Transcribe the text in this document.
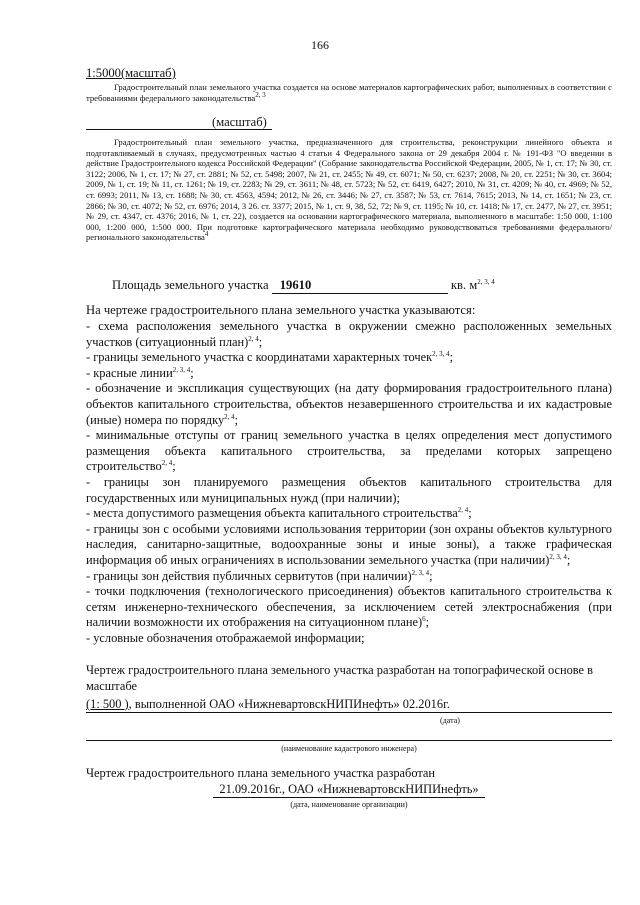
166
1:5000(масштаб)
Градостроительный план земельного участка создается на основе материалов картографических работ, выполненных в соответствии с требованиями федерального законодательства$^{2, 3}$
(масштаб)
Градостроительный план земельного участка, предназначенного для строительства, реконструкции линейного объекта и подготавливаемый в случаях, предусмотренных частью 4 статьи 4 Федерального закона от 29 декабря 2004 г. № 191-ФЗ "О введении в действие Градостроительного кодекса Российской Федерации" (Собрание законодательства Российской Федерации, 2005, № 1, ст. 17; № 30, ст. 3122; 2006, № 1, ст. 17; № 27, ст. 2881; № 52, ст. 5498; 2007, № 21, ст. 2455; № 49, ст. 6071; № 50, ст. 6237; 2008, № 20, ст. 2251; № 30, ст. 3604; 2009, № 1, ст. 19; № 11, ст. 1261; № 19, ст. 2283; № 29, ст. 3611; № 48, ст. 5723; № 52, ст. 6419, 6427; 2010, № 31, ст. 4209; № 40, ст. 4969; № 52, ст. 6993; 2011, № 13, ст. 1688; № 30, ст. 4563, 4594; 2012, № 26, ст. 3446; № 27, ст. 3587; № 53, ст. 7614, 7615; 2013, № 14, ст. 1651; № 23, ст. 2866; № 30, ст. 4072; № 52, ст. 6976; 2014, 3 26. ст. 3377; 2015, № 1, ст. 9, 38, 52, 72; № 9, ст. 1195; № 10, ст. 1418; № 17, ст. 2477, № 27, ст. 3951; № 29, ст. 4347, ст. 4376; 2016, № 1, ст. 22), создается на основании картографического материала, выполненного в масштабе: 1:50 000, 1:100 000, 1:200 000, 1:500 000. При подготовке картографического материала необходимо руководствоваться требованиями федерального/регионального законодательства$^4$
Площадь земельного участка 19610	кв. $м^{2, 3, 4}$
На чертеже градостроительного плана земельного участка указываются:
- схема расположения земельного участка в окружении смежно расположенных земельных участков (ситуационный план)$^{2, 4}$;
- границы земельного участка с координатами характерных точек$^{2, 3, 4}$;
- красные линии$^{2, 3, 4}$;
- обозначение и экспликация существующих (на дату формирования градостроительного плана) объектов капитального строительства, объектов незавершенного строительства и их кадастровые (иные) номера по порядку$^{2, 4}$;
- минимальные отступы от границ земельного участка в целях определения мест допустимого размещения объекта капитального строительства, за пределами которых запрещено строительство$^{2, 4}$;
- границы зон планируемого размещения объектов капитального строительства для государственных или муниципальных нужд (при наличии);
- места допустимого размещения объекта капитального строительства$^{2, 4}$;
- границы зон с особыми условиями использования территории (зон охраны объектов культурного наследия, санитарно-защитные, водоохранные зоны и иные зоны), а также графическая информация об иных ограничениях в использовании земельного участка (при наличии)$^{2, 3, 4}$;
- границы зон действия публичных сервитутов (при наличии)$^{2, 3, 4}$;
- точки подключения (технологического присоединения) объектов капитального строительства к сетям инженерно-технического обеспечения, за исключением сетей электроснабжения (при наличии возможности их отображения на ситуационном плане)$^6$;
- условные обозначения отображаемой информации;
Чертеж градостроительного плана земельного участка разработан на топографической основе в масштабе
(1: 500 ), выполненной ОАО «НижневартовскНИПИнефть» 02.2016г.
(дата)
(наименование кадастрового инженера)
Чертеж градостроительного плана земельного участка разработан
21.09.2016г., ОАО «НижневартовскНИПИнефть»
(дата, наименование организации)
